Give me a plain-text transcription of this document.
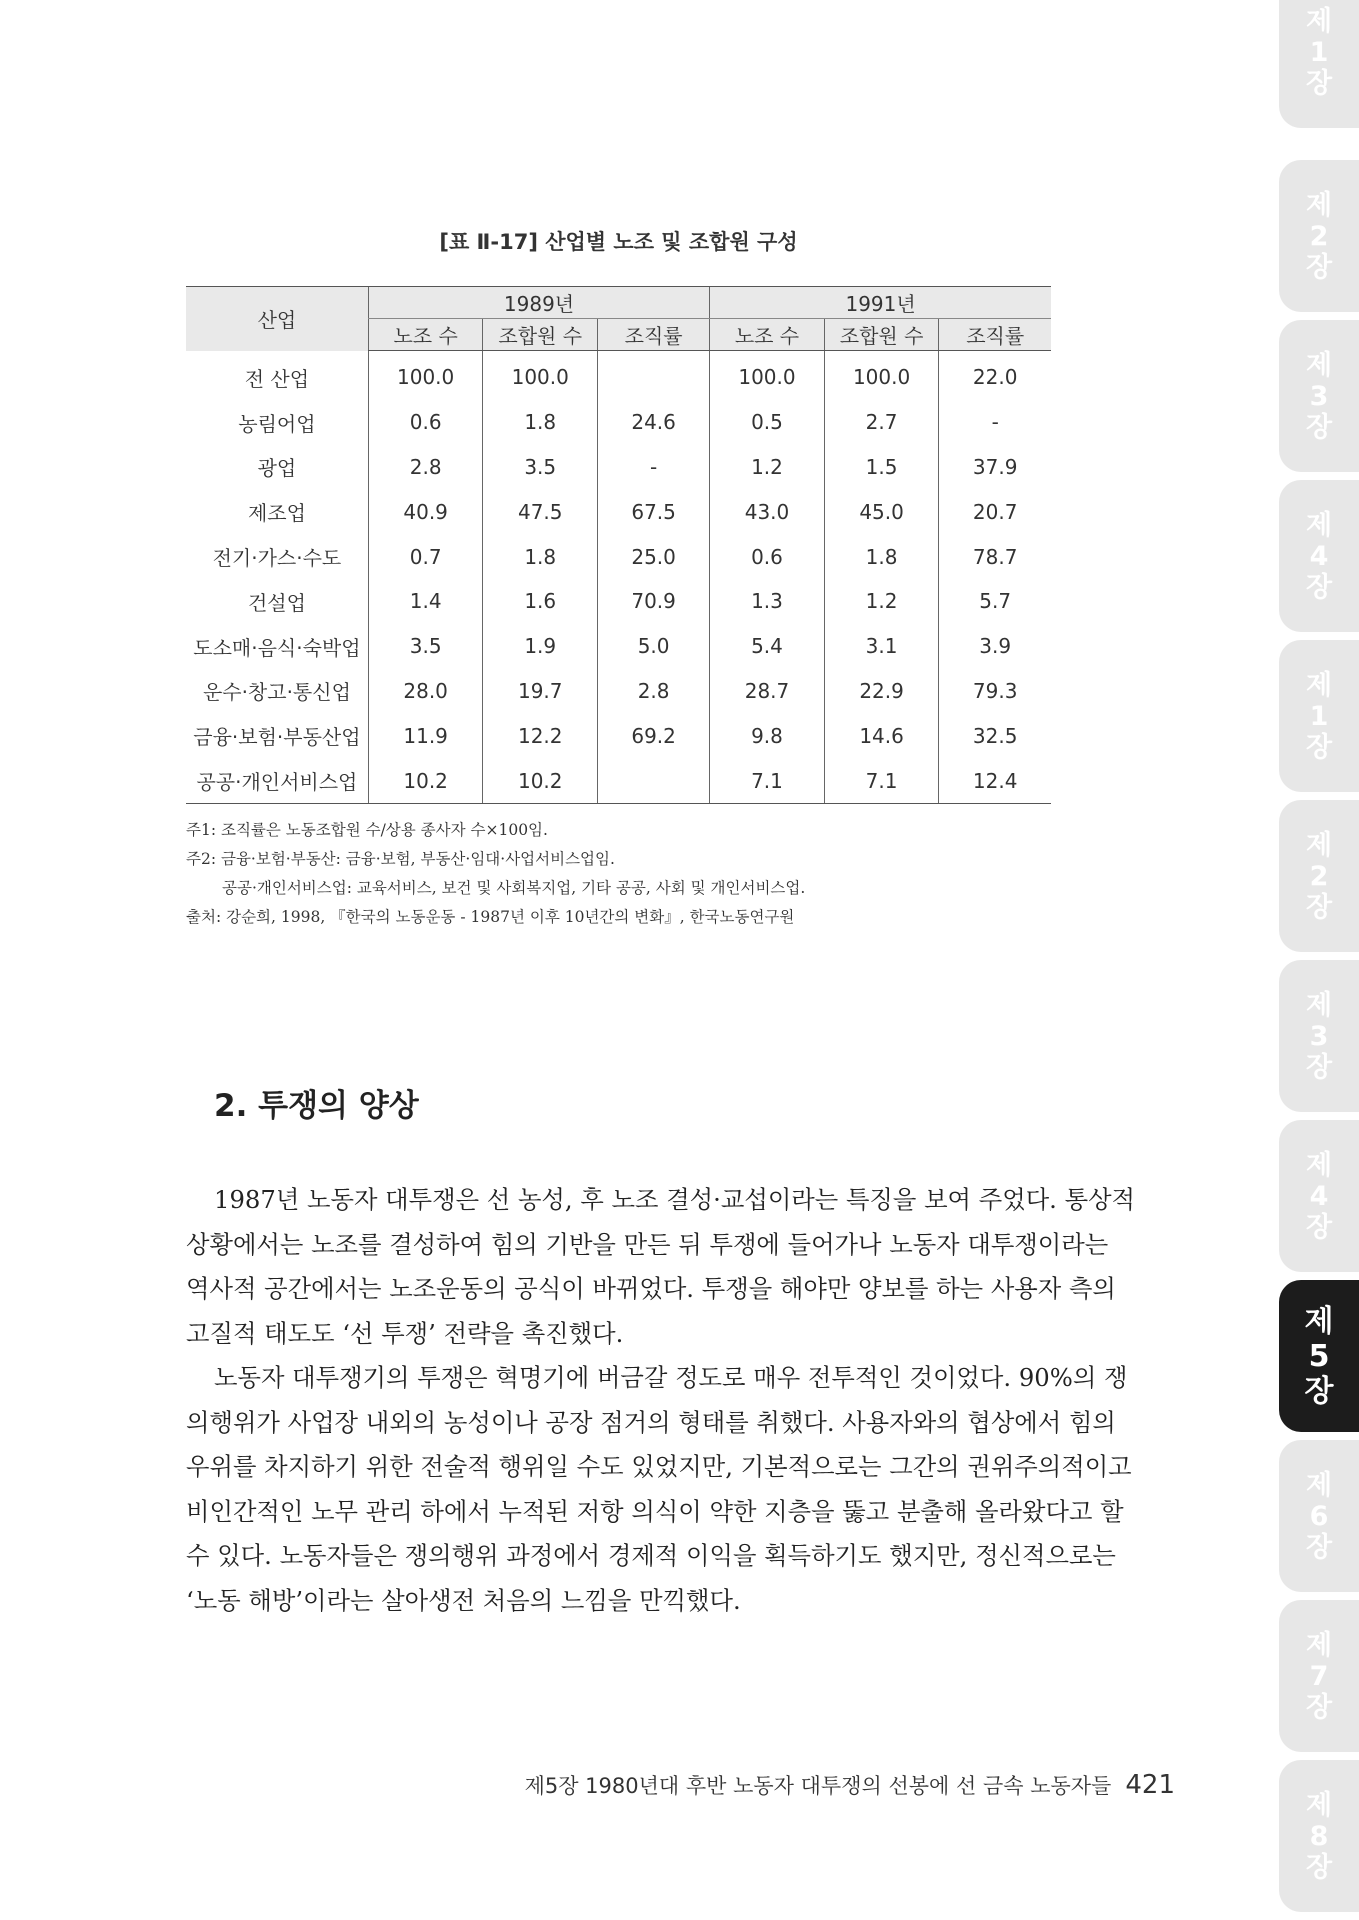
제
1
장
제
2
장
제
3
장
제
4
장
제
1
장
제
2
장
제
3
장
제
4
장
제
5
장
제
6
장
제
7
장
제
8
장
[표 Ⅱ-17] 산업별 노조 및 조합원 구성
산업	1989년			1991년		
	노조 수	조합원 수	조직률	노조 수	조합원 수	조직률
전 산업	100.0	100.0		100.0	100.0	22.0
농림어업	0.6	1.8	24.6	0.5	2.7	-
광업	2.8	3.5	-	1.2	1.5	37.9
제조업	40.9	47.5	67.5	43.0	45.0	20.7
전기·가스·수도	0.7	1.8	25.0	0.6	1.8	78.7
건설업	1.4	1.6	70.9	1.3	1.2	5.7
도소매·음식·숙박업	3.5	1.9	5.0	5.4	3.1	3.9
운수·창고·통신업	28.0	19.7	2.8	28.7	22.9	79.3
금융·보험·부동산업	11.9	12.2	69.2	9.8	14.6	32.5
공공·개인서비스업	10.2	10.2		7.1	7.1	12.4
주1: 조직률은 노동조합원 수/상용 종사자 수×100임.
주2: 금융·보험·부동산: 금융·보험, 부동산·임대·사업서비스업임.
공공·개인서비스업: 교육서비스, 보건 및 사회복지업, 기타 공공, 사회 및 개인서비스업.
출처: 강순희, 1998, 『한국의 노동운동 - 1987년 이후 10년간의 변화』, 한국노동연구원
2. 투쟁의 양상
1987년 노동자 대투쟁은 선 농성, 후 노조 결성·교섭이라는 특징을 보여 주었다. 통상적
상황에서는 노조를 결성하여 힘의 기반을 만든 뒤 투쟁에 들어가나 노동자 대투쟁이라는
역사적 공간에서는 노조운동의 공식이 바뀌었다. 투쟁을 해야만 양보를 하는 사용자 측의
고질적 태도도 ‘선 투쟁’ 전략을 촉진했다.
노동자 대투쟁기의 투쟁은 혁명기에 버금갈 정도로 매우 전투적인 것이었다. 90%의 쟁
의행위가 사업장 내외의 농성이나 공장 점거의 형태를 취했다. 사용자와의 협상에서 힘의
우위를 차지하기 위한 전술적 행위일 수도 있었지만, 기본적으로는 그간의 권위주의적이고
비인간적인 노무 관리 하에서 누적된 저항 의식이 약한 지층을 뚫고 분출해 올라왔다고 할
수 있다. 노동자들은 쟁의행위 과정에서 경제적 이익을 획득하기도 했지만, 정신적으로는
‘노동 해방’이라는 살아생전 처음의 느낌을 만끽했다.
제5장 1980년대 후반 노동자 대투쟁의 선봉에 선 금속 노동자들 421
